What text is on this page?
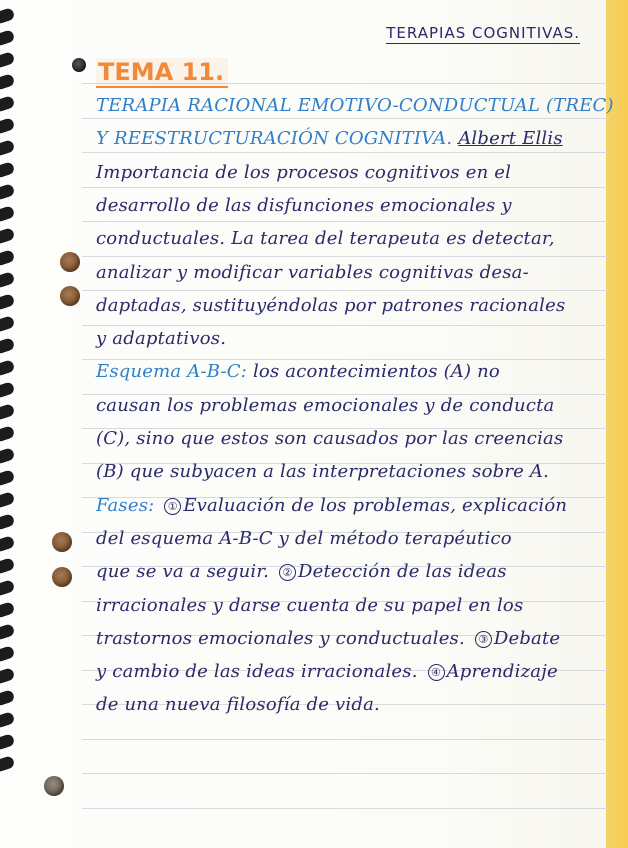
TERAPIAS COGNITIVAS.
TEMA 11.
TERAPIA RACIONAL EMOTIVO-CONDUCTUAL (TREC)
Y REESTRUCTURACIÓN COGNITIVA. Albert Ellis
Importancia de los procesos cognitivos en el
desarrollo de las disfunciones emocionales y
conductuales. La tarea del terapeuta es detectar,
analizar y modificar variables cognitivas desa-
daptadas, sustituyéndolas por patrones racionales
y adaptativos.
Esquema A-B-C: los acontecimientos (A) no
causan los problemas emocionales y de conducta
(C), sino que estos son causados por las creencias
(B) que subyacen a las interpretaciones sobre A.
Fases: ① Evaluación de los problemas, explicación
del esquema A-B-C y del método terapéutico
que se va a seguir. ② Detección de las ideas
irracionales y darse cuenta de su papel en los
trastornos emocionales y conductuales. ③ Debate
y cambio de las ideas irracionales. ④ Aprendizaje
de una nueva filosofía de vida.
